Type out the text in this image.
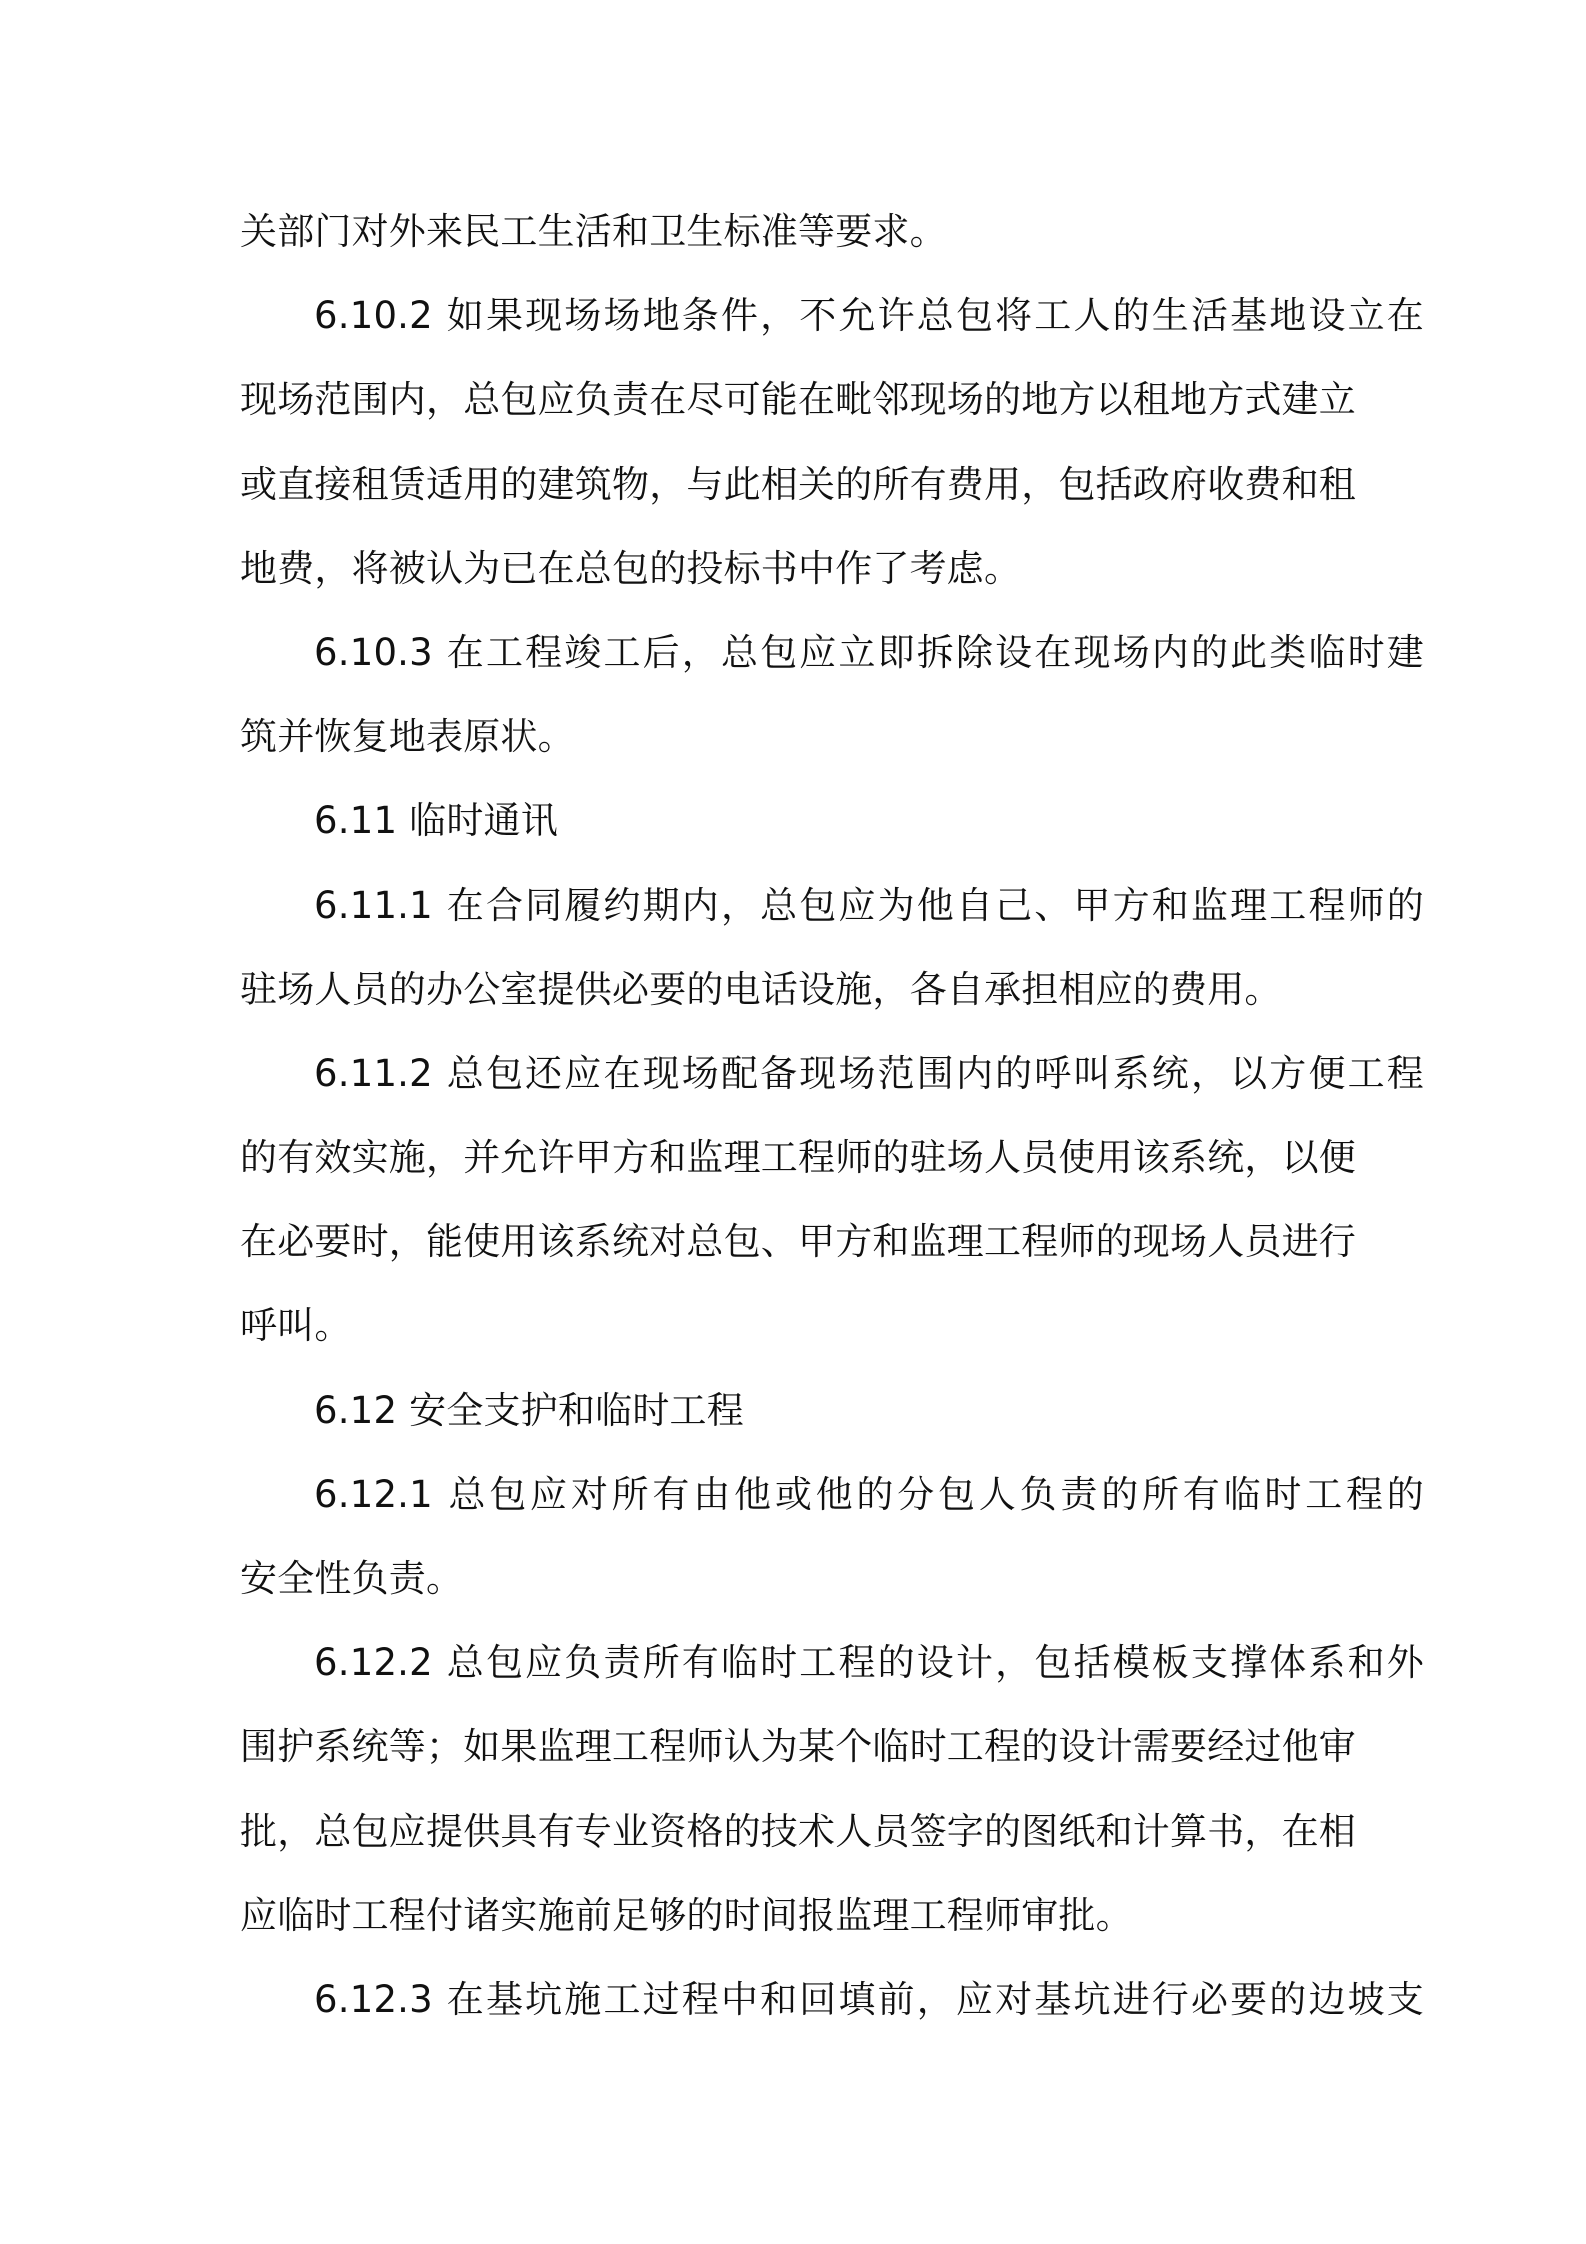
关部门对外来民工生活和卫生标准等要求。
6.10.2 如果现场场地条件，不允许总包将工人的生活基地设立在
现场范围内，总包应负责在尽可能在毗邻现场的地方以租地方式建立
或直接租赁适用的建筑物，与此相关的所有费用，包括政府收费和租
地费，将被认为已在总包的投标书中作了考虑。
6.10.3 在工程竣工后，总包应立即拆除设在现场内的此类临时建
筑并恢复地表原状。
6.11 临时通讯
6.11.1 在合同履约期内，总包应为他自己、甲方和监理工程师的
驻场人员的办公室提供必要的电话设施，各自承担相应的费用。
6.11.2 总包还应在现场配备现场范围内的呼叫系统，以方便工程
的有效实施，并允许甲方和监理工程师的驻场人员使用该系统，以便
在必要时，能使用该系统对总包、甲方和监理工程师的现场人员进行
呼叫。
6.12 安全支护和临时工程
6.12.1 总包应对所有由他或他的分包人负责的所有临时工程的
安全性负责。
6.12.2 总包应负责所有临时工程的设计，包括模板支撑体系和外
围护系统等；如果监理工程师认为某个临时工程的设计需要经过他审
批，总包应提供具有专业资格的技术人员签字的图纸和计算书，在相
应临时工程付诸实施前足够的时间报监理工程师审批。
6.12.3 在基坑施工过程中和回填前，应对基坑进行必要的边坡支
